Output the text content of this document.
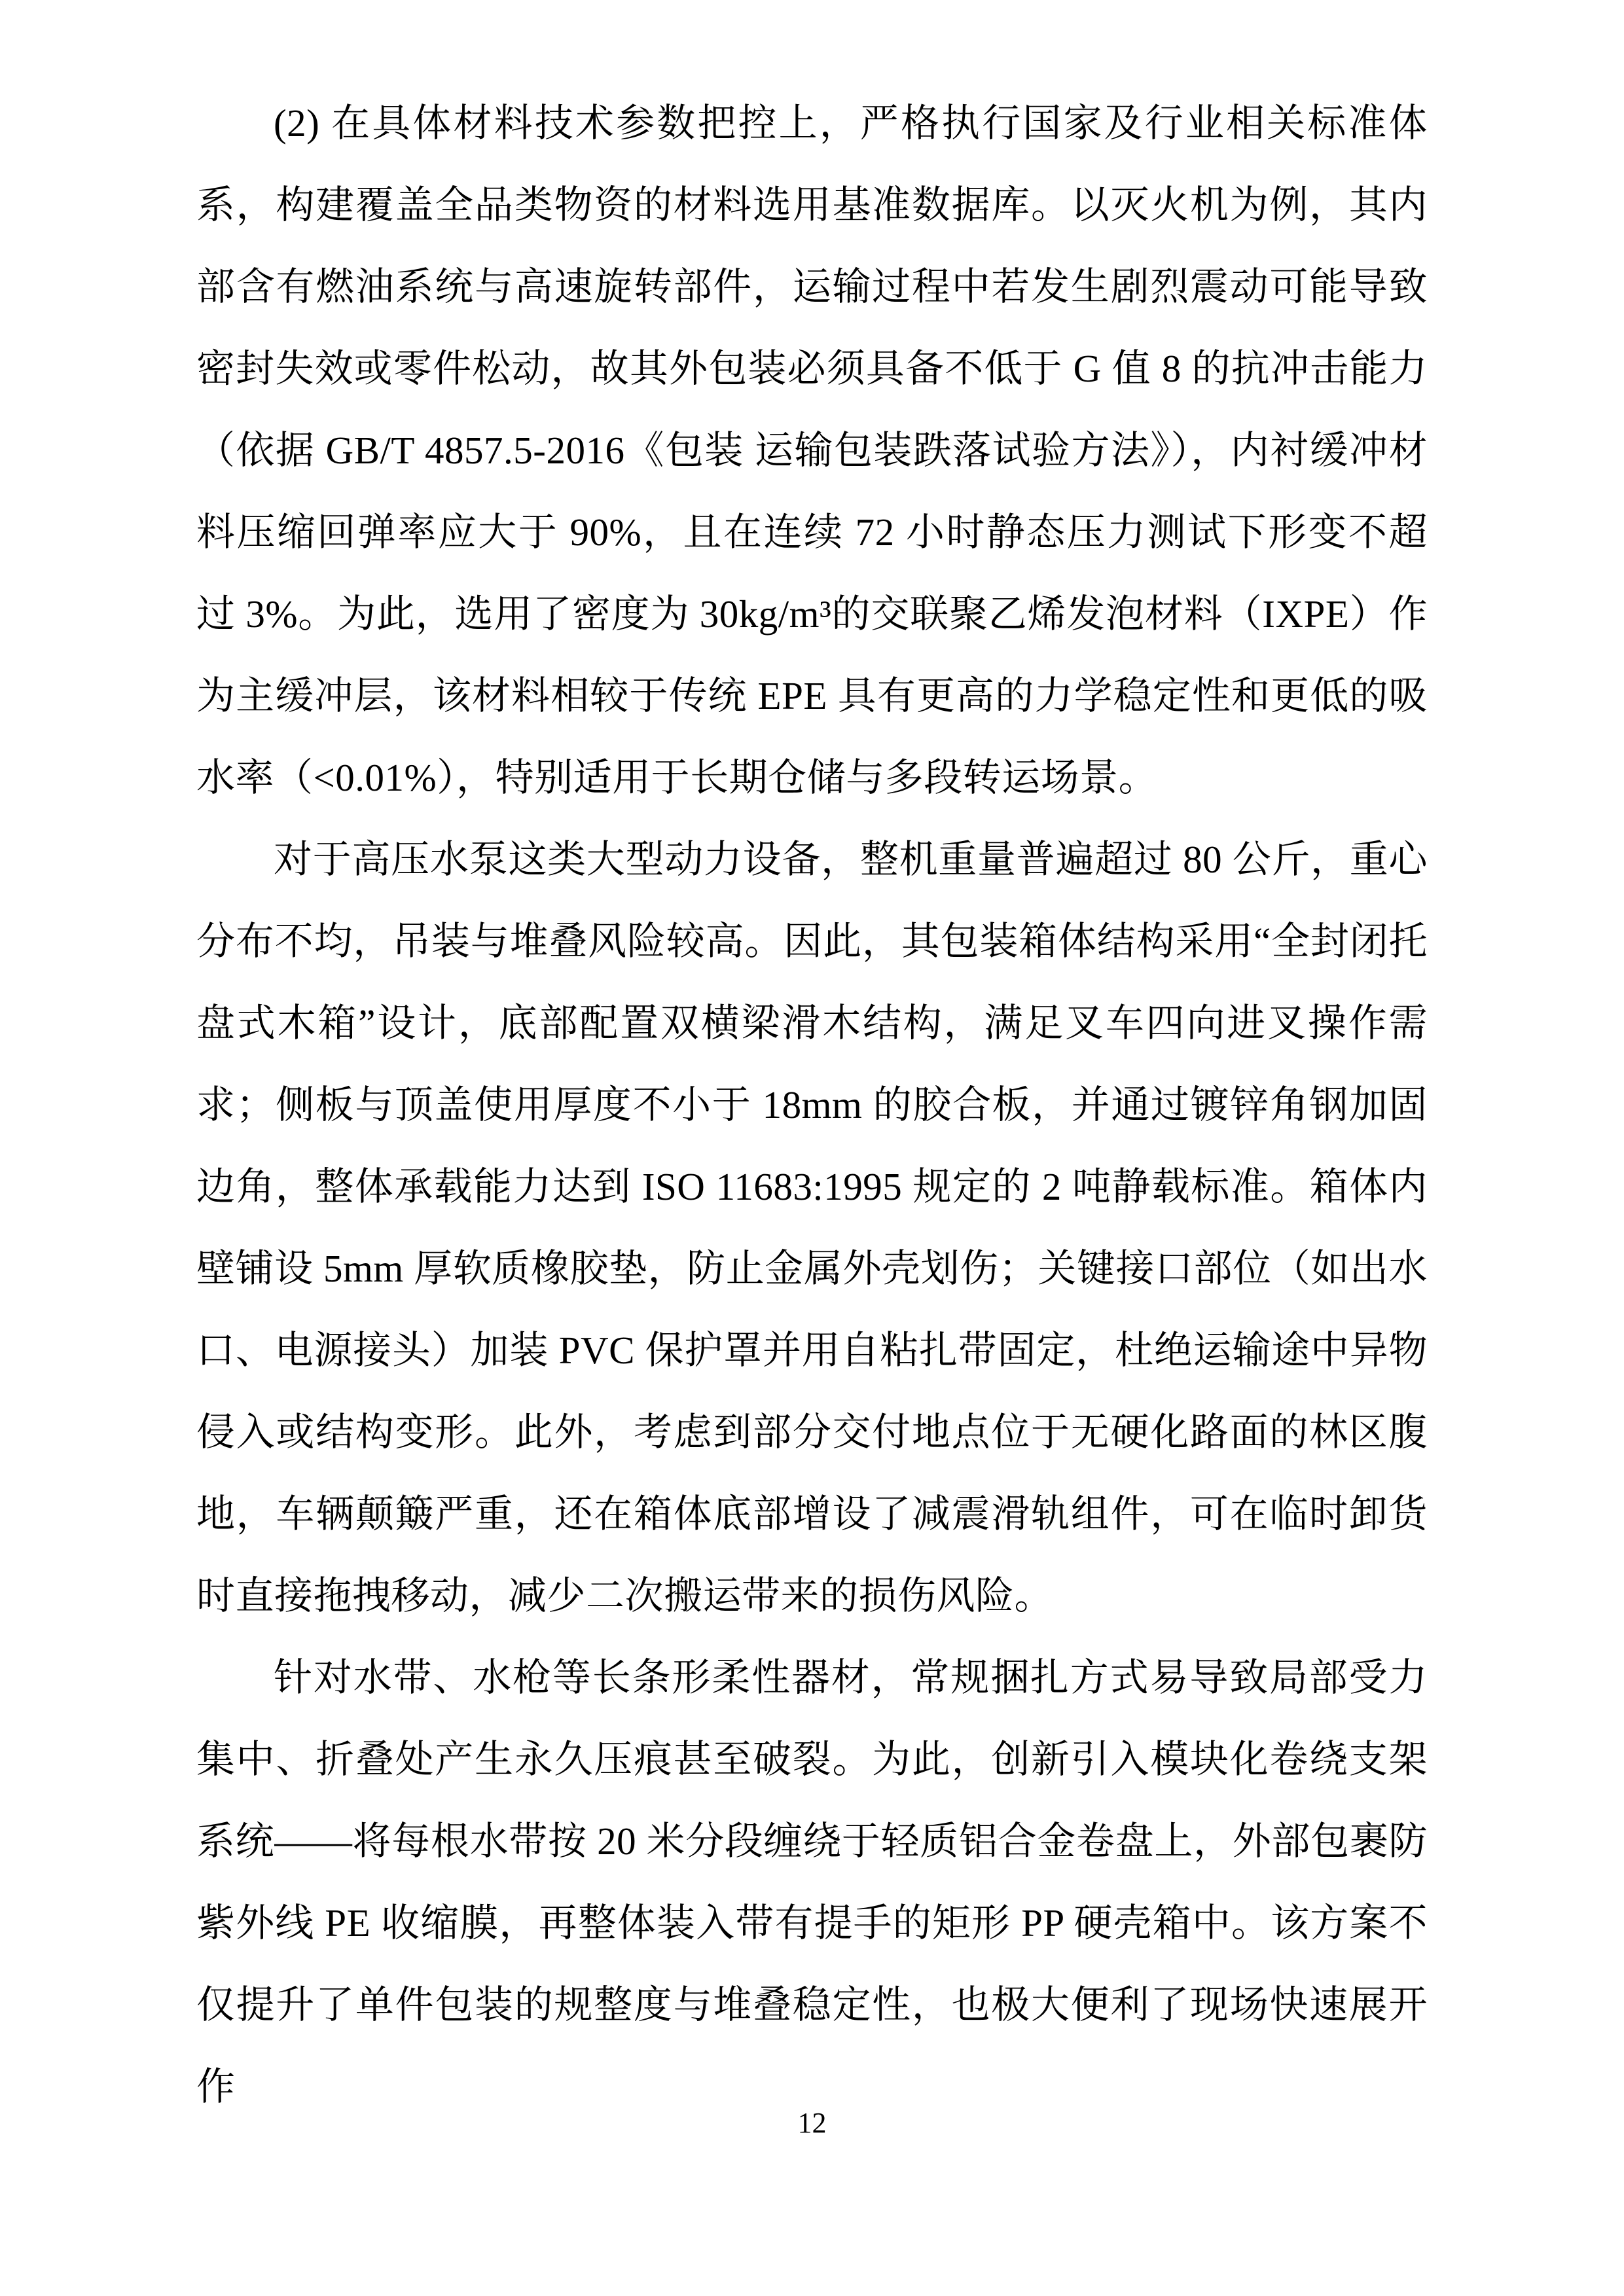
(2) 在具体材料技术参数把控上，严格执行国家及行业相关标准体系，构建覆盖全品类物资的材料选用基准数据库。以灭火机为例，其内部含有燃油系统与高速旋转部件，运输过程中若发生剧烈震动可能导致密封失效或零件松动，故其外包装必须具备不低于 G 值 8 的抗冲击能力（依据 GB/T 4857.5-2016《包装 运输包装跌落试验方法》），内衬缓冲材料压缩回弹率应大于 90%，且在连续 72 小时静态压力测试下形变不超过 3%。为此，选用了密度为 30kg/m³的交联聚乙烯发泡材料（IXPE）作为主缓冲层，该材料相较于传统 EPE 具有更高的力学稳定性和更低的吸水率（<0.01%），特别适用于长期仓储与多段转运场景。

对于高压水泵这类大型动力设备，整机重量普遍超过 80 公斤，重心分布不均，吊装与堆叠风险较高。因此，其包装箱体结构采用“全封闭托盘式木箱”设计，底部配置双横梁滑木结构，满足叉车四向进叉操作需求；侧板与顶盖使用厚度不小于 18mm 的胶合板，并通过镀锌角钢加固边角，整体承载能力达到 ISO 11683:1995 规定的 2 吨静载标准。箱体内壁铺设 5mm 厚软质橡胶垫，防止金属外壳划伤；关键接口部位（如出水口、电源接头）加装 PVC 保护罩并用自粘扎带固定，杜绝运输途中异物侵入或结构变形。此外，考虑到部分交付地点位于无硬化路面的林区腹地，车辆颠簸严重，还在箱体底部增设了减震滑轨组件，可在临时卸货时直接拖拽移动，减少二次搬运带来的损伤风险。

针对水带、水枪等长条形柔性器材，常规捆扎方式易导致局部受力集中、折叠处产生永久压痕甚至破裂。为此，创新引入模块化卷绕支架系统——将每根水带按 20 米分段缠绕于轻质铝合金卷盘上，外部包裹防紫外线 PE 收缩膜，再整体装入带有提手的矩形 PP 硬壳箱中。该方案不仅提升了单件包装的规整度与堆叠稳定性，也极大便利了现场快速展开作

12
